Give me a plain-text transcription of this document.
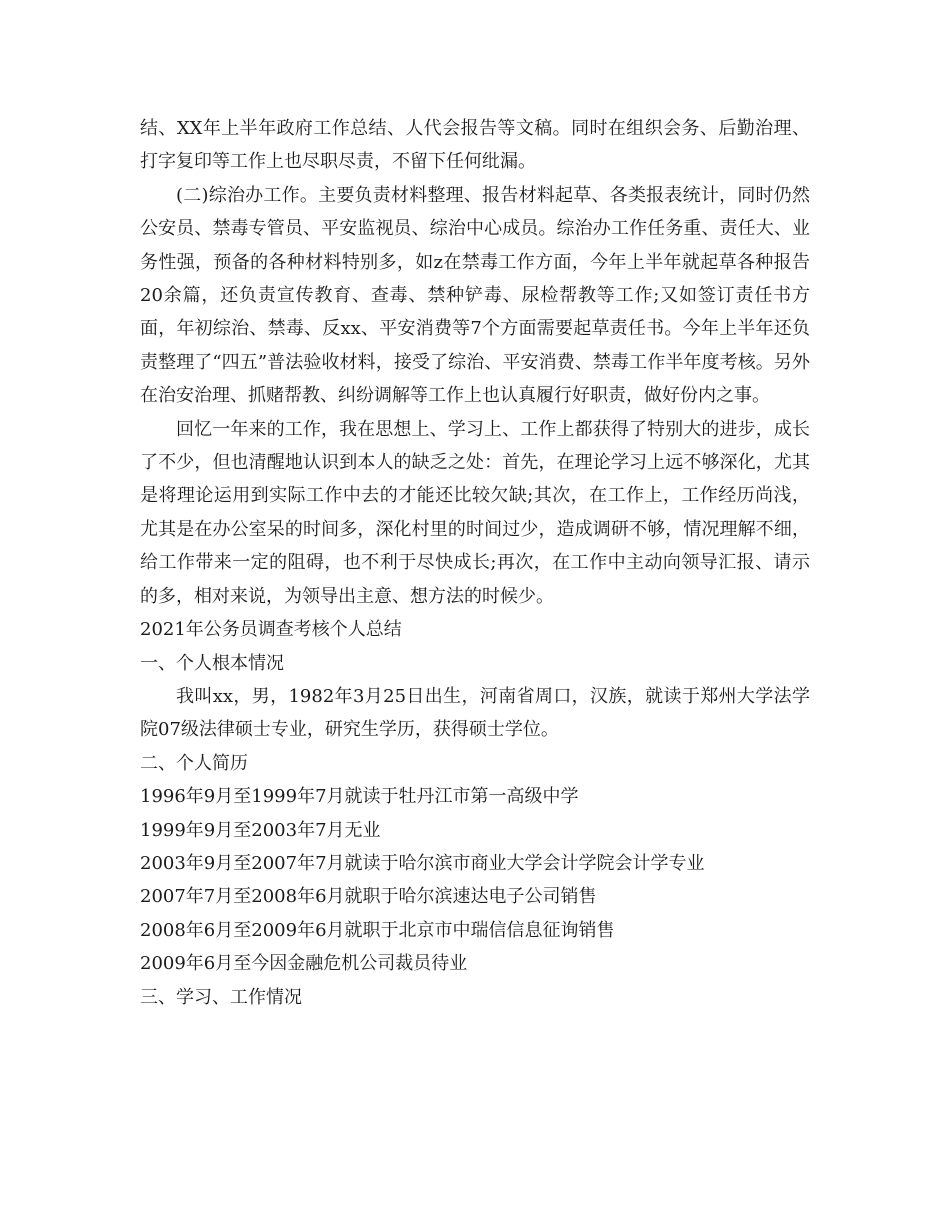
结、XX年上半年政府工作总结、人代会报告等文稿。同时在组织会务、后勤治理、打字复印等工作上也尽职尽责，不留下任何纰漏。

(二)综治办工作。主要负责材料整理、报告材料起草、各类报表统计，同时仍然公安员、禁毒专管员、平安监视员、综治中心成员。综治办工作任务重、责任大、业务性强，预备的各种材料特别多，如z在禁毒工作方面，今年上半年就起草各种报告20余篇，还负责宣传教育、查毒、禁种铲毒、尿检帮教等工作;又如签订责任书方面，年初综治、禁毒、反xx、平安消费等7个方面需要起草责任书。今年上半年还负责整理了“四五”普法验收材料，接受了综治、平安消费、禁毒工作半年度考核。另外在治安治理、抓赌帮教、纠纷调解等工作上也认真履行好职责，做好份内之事。

回忆一年来的工作，我在思想上、学习上、工作上都获得了特别大的进步，成长了不少，但也清醒地认识到本人的缺乏之处：首先，在理论学习上远不够深化，尤其是将理论运用到实际工作中去的才能还比较欠缺;其次，在工作上，工作经历尚浅，尤其是在办公室呆的时间多，深化村里的时间过少，造成调研不够，情况理解不细，给工作带来一定的阻碍，也不利于尽快成长;再次，在工作中主动向领导汇报、请示的多，相对来说，为领导出主意、想方法的时候少。

2021年公务员调查考核个人总结

一、个人根本情况

我叫xx，男，1982年3月25日出生，河南省周口，汉族，就读于郑州大学法学院07级法律硕士专业，研究生学历，获得硕士学位。

二、个人简历

1996年9月至1999年7月就读于牡丹江市第一高级中学

1999年9月至2003年7月无业

2003年9月至2007年7月就读于哈尔滨市商业大学会计学院会计学专业

2007年7月至2008年6月就职于哈尔滨速达电子公司销售

2008年6月至2009年6月就职于北京市中瑞信信息征询销售

2009年6月至今因金融危机公司裁员待业

三、学习、工作情况
